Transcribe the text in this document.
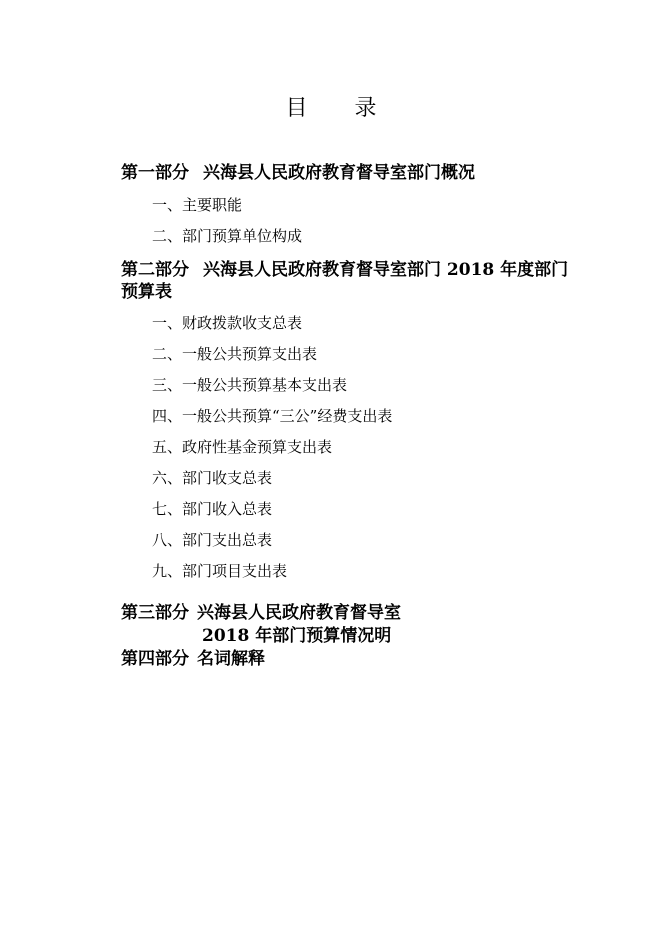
目 录
第一部分 兴海县人民政府教育督导室部门概况
一、主要职能
二、部门预算单位构成
第二部分 兴海县人民政府教育督导室部门 2018 年度部门预算表
一、财政拨款收支总表
二、一般公共预算支出表
三、一般公共预算基本支出表
四、一般公共预算“三公”经费支出表
五、政府性基金预算支出表
六、部门收支总表
七、部门收入总表
八、部门支出总表
九、部门项目支出表
第三部分 兴海县人民政府教育督导室
2018 年部门预算情况明
第四部分 名词解释
